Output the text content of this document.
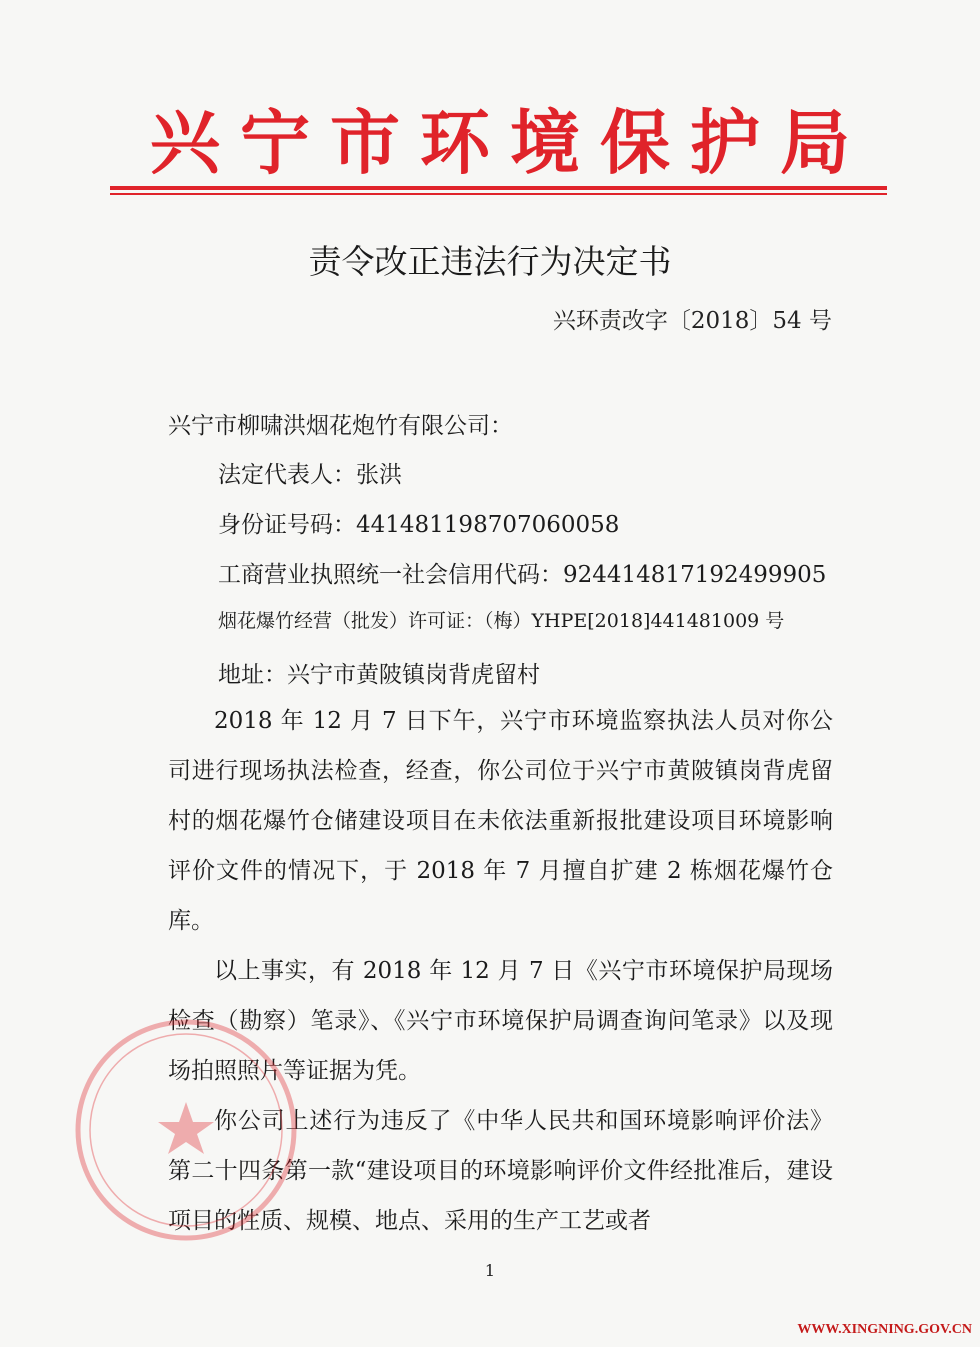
兴 宁 市 环 境 保 护 局
责令改正违法行为决定书
兴环责改字〔2018〕54 号
兴宁市柳啸洪烟花炮竹有限公司：
法定代表人：张洪
身份证号码：441481198707060058
工商营业执照统一社会信用代码：924414817192499905
烟花爆竹经营（批发）许可证：（梅）YHPE[2018]441481009 号
地址：兴宁市黄陂镇岗背虎留村

2018 年 12 月 7 日下午，兴宁市环境监察执法人员对你公司进行现场执法检查，经查，你公司位于兴宁市黄陂镇岗背虎留村的烟花爆竹仓储建设项目在未依法重新报批建设项目环境影响评价文件的情况下，于 2018 年 7 月擅自扩建 2 栋烟花爆竹仓库。

以上事实，有 2018 年 12 月 7 日《兴宁市环境保护局现场检查（勘察）笔录》、《兴宁市环境保护局调查询问笔录》以及现场拍照照片等证据为凭。

你公司上述行为违反了《中华人民共和国环境影响评价法》第二十四条第一款“建设项目的环境影响评价文件经批准后，建设项目的性质、规模、地点、采用的生产工艺或者

1
WWW.XINGNING.GOV.CN
